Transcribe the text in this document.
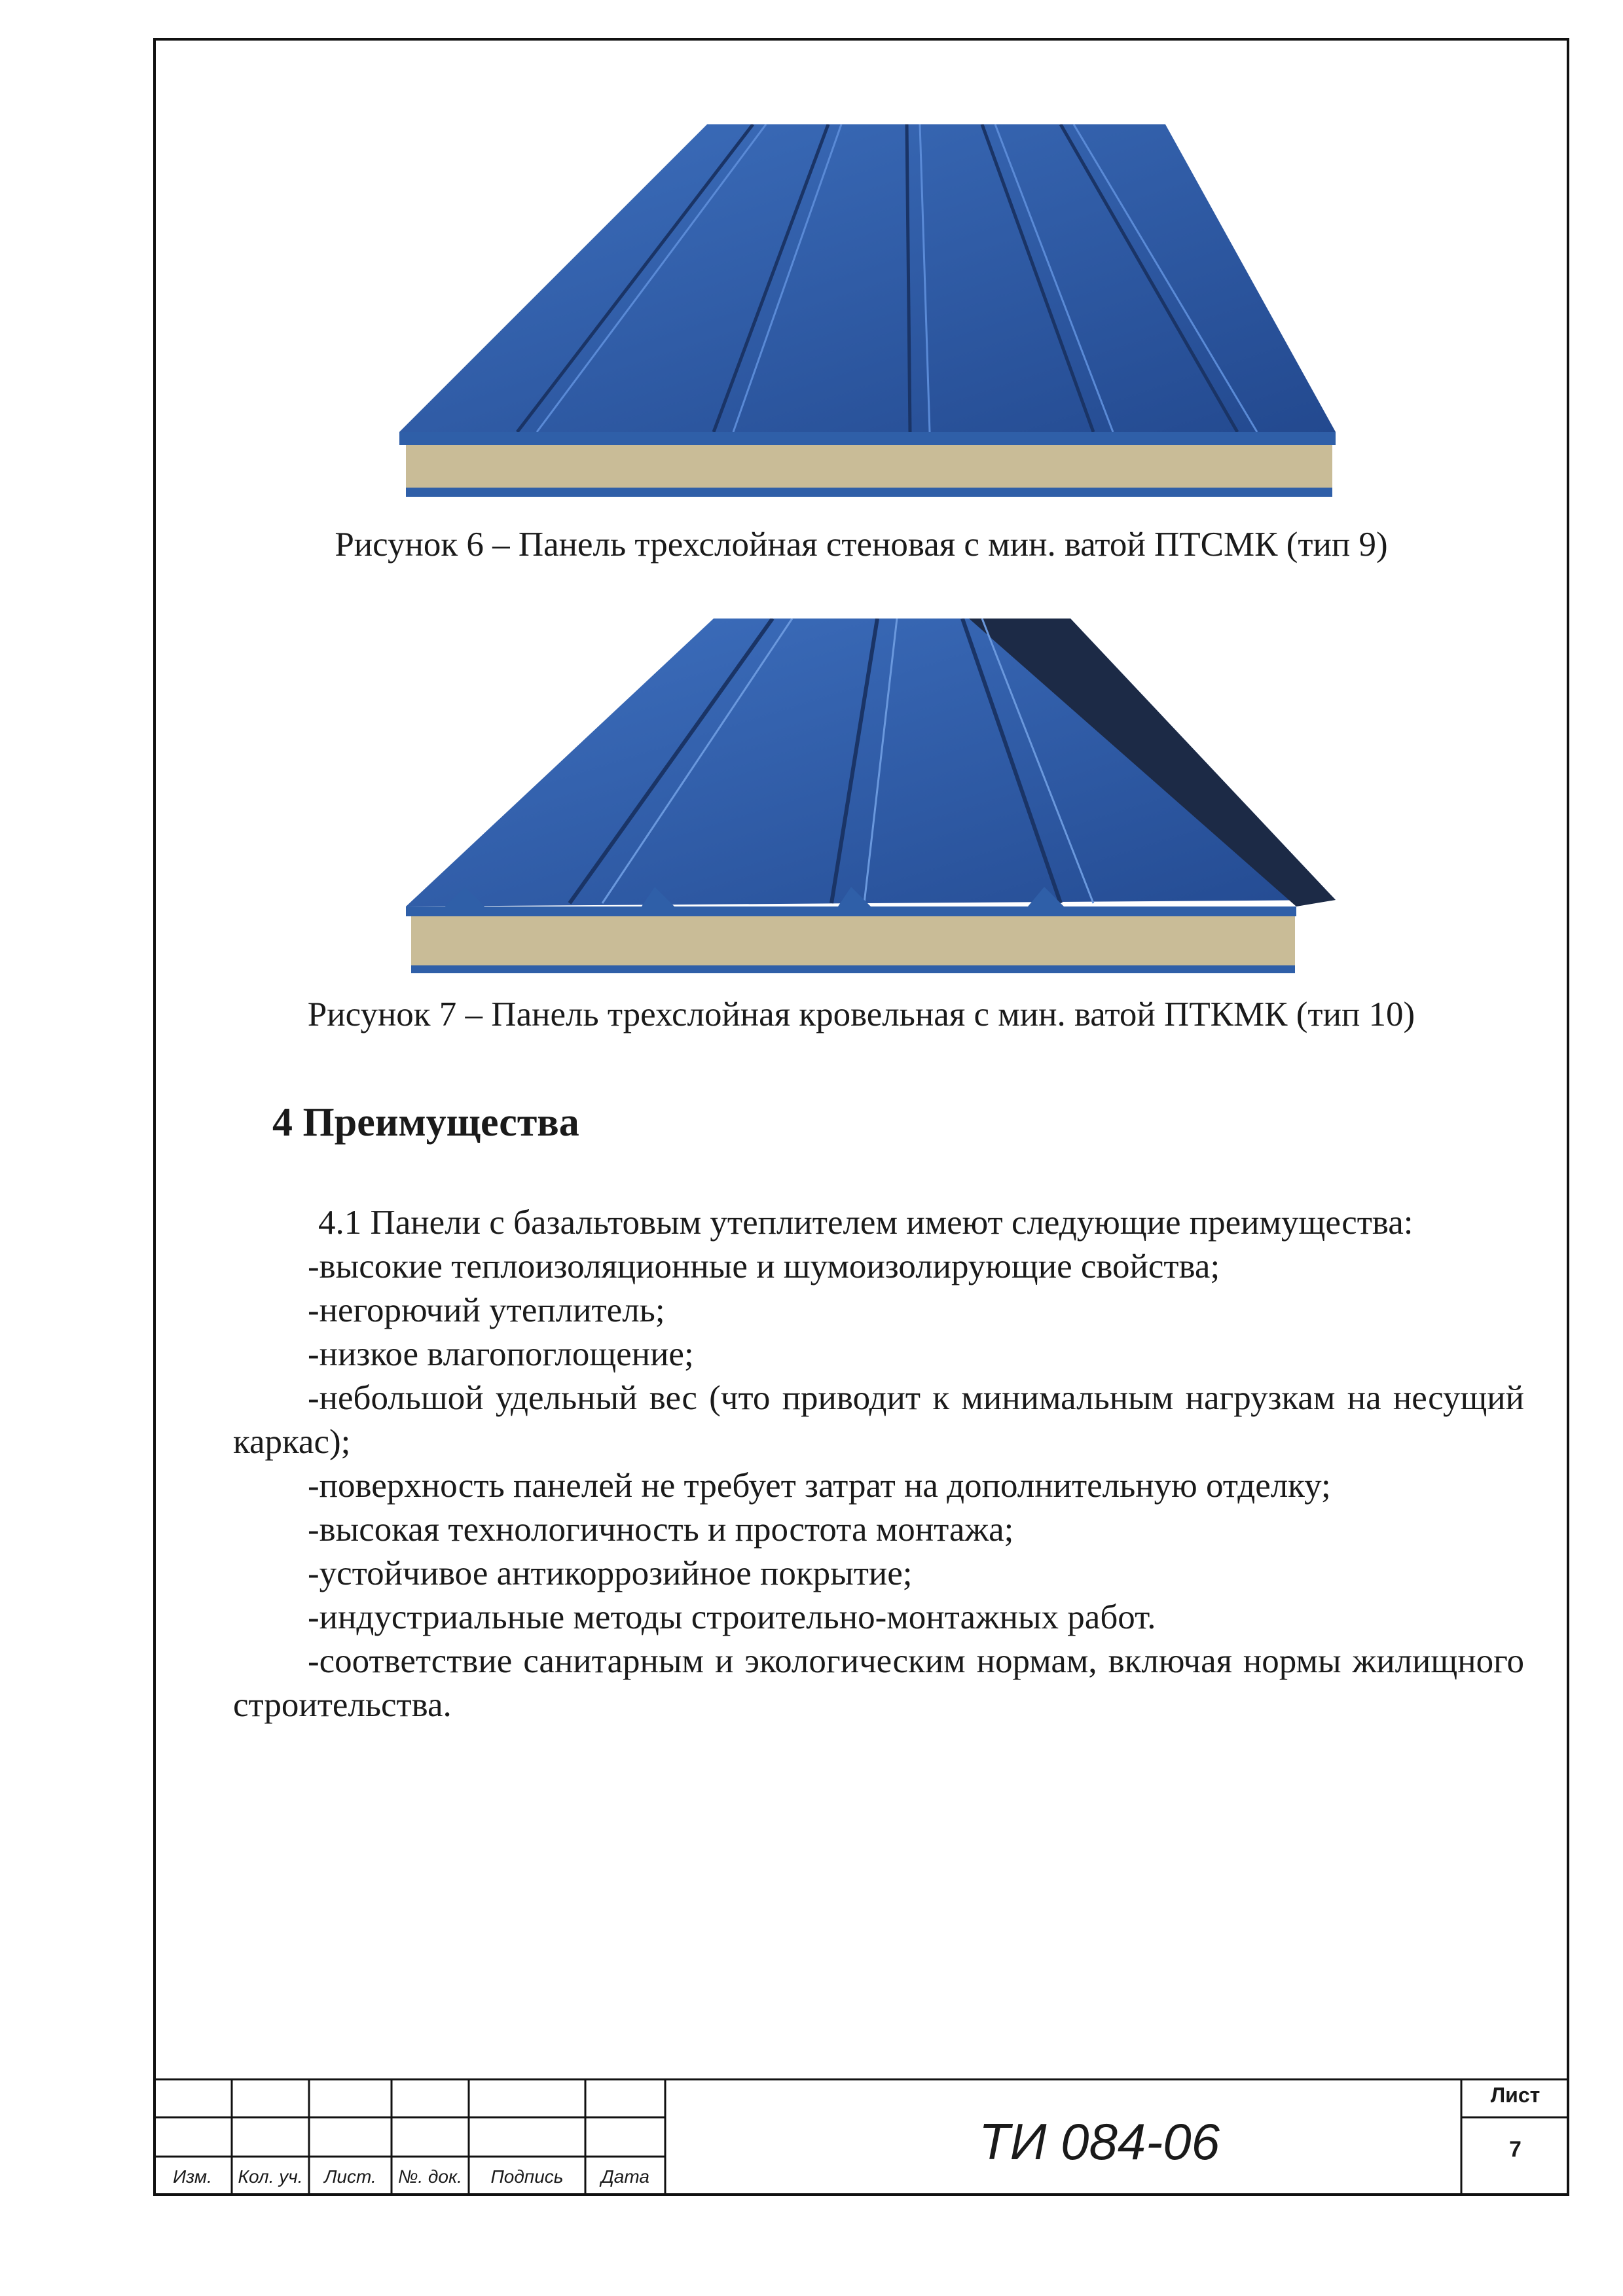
Рисунок 6 – Панель трехслойная стеновая с мин. ватой ПТСМК (тип 9)
Рисунок 7 – Панель трехслойная кровельная с мин. ватой ПТКМК (тип 10)
4 Преимущества
4.1 Панели с базальтовым утеплителем имеют следующие преимущества:
-высокие теплоизоляционные и шумоизолирующие свойства;
-негорючий утеплитель;
-низкое влагопоглощение;
-небольшой удельный вес (что приводит к минимальным нагрузкам на несущий каркас);
-поверхность панелей не требует затрат на дополнительную отделку;
-высокая технологичность и простота монтажа;
-устойчивое антикоррозийное покрытие;
-индустриальные методы строительно-монтажных работ.
-соответствие санитарным и экологическим нормам, включая нормы жилищного строительства.
Изм.	Кол. уч.	Лист.	№. док.	Подпись	Дата
ТИ 084-06
Лист
7
